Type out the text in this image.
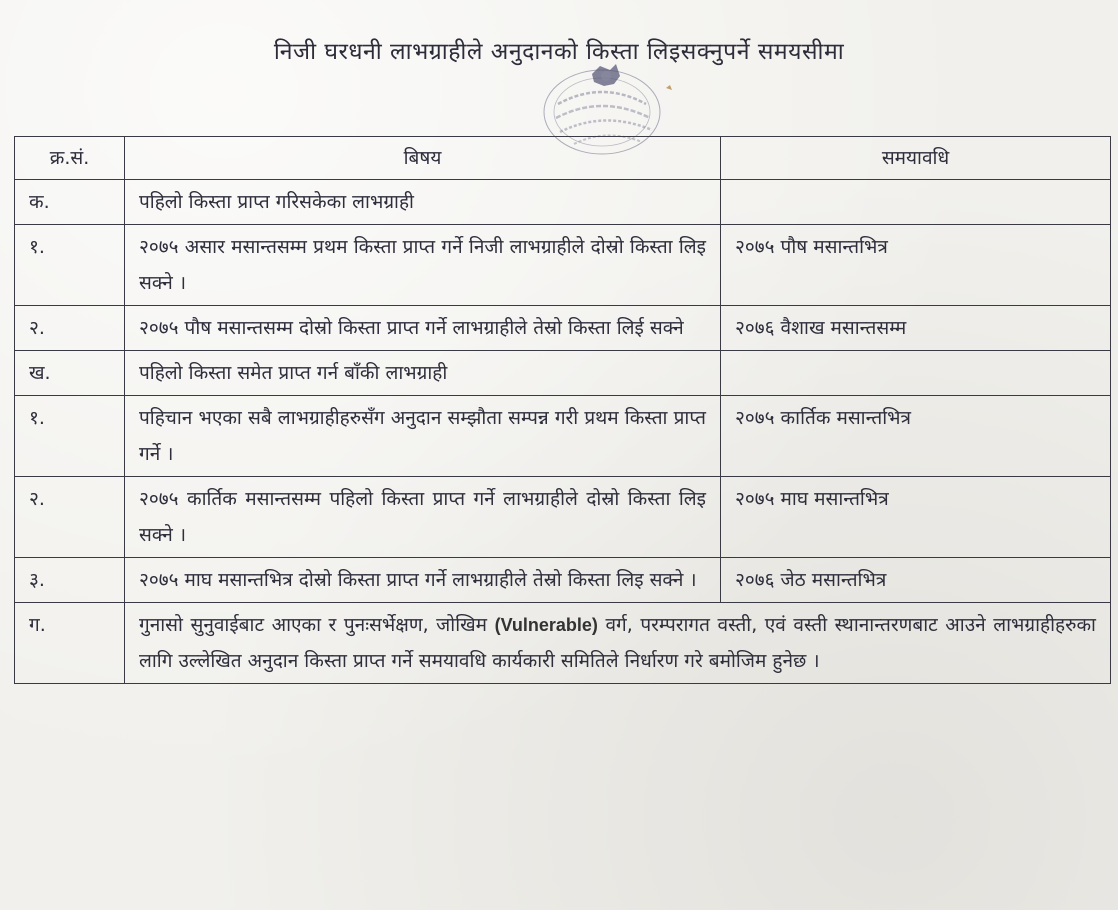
निजी घरधनी लाभग्राहीले अनुदानको किस्ता लिइसक्नुपर्ने समयसीमा
क्र.सं.	बिषय	समयावधि
क.	पहिलो किस्ता प्राप्त गरिसकेका लाभग्राही	
१.	२०७५ असार मसान्तसम्म प्रथम किस्ता प्राप्त गर्ने निजी लाभग्राहीले दोस्रो किस्ता लिइ सक्ने ।	२०७५ पौष मसान्तभित्र
२.	२०७५ पौष मसान्तसम्म दोस्रो किस्ता प्राप्त गर्ने लाभग्राहीले तेस्रो किस्ता लिई सक्ने	२०७६ वैशाख मसान्तसम्म
ख.	पहिलो किस्ता समेत प्राप्त गर्न बाँकी लाभग्राही	
१.	पहिचान भएका सबै लाभग्राहीहरुसँग अनुदान सम्झौता सम्पन्न गरी प्रथम किस्ता प्राप्त गर्ने ।	२०७५ कार्तिक मसान्तभित्र
२.	२०७५ कार्तिक मसान्तसम्म पहिलो किस्ता प्राप्त गर्ने लाभग्राहीले दोस्रो किस्ता लिइ सक्ने ।	२०७५ माघ मसान्तभित्र
३.	२०७५ माघ मसान्तभित्र दोस्रो किस्ता प्राप्त गर्ने लाभग्राहीले तेस्रो किस्ता लिइ सक्ने ।	२०७६ जेठ मसान्तभित्र
ग.	गुनासो सुनुवाईबाट आएका र पुनःसर्भेक्षण, जोखिम (Vulnerable) वर्ग, परम्परागत वस्ती, एवं वस्ती स्थानान्तरणबाट आउने लाभग्राहीहरुका लागि उल्लेखित अनुदान किस्ता प्राप्त गर्ने समयावधि कार्यकारी समितिले निर्धारण गरे बमोजिम हुनेछ ।	
